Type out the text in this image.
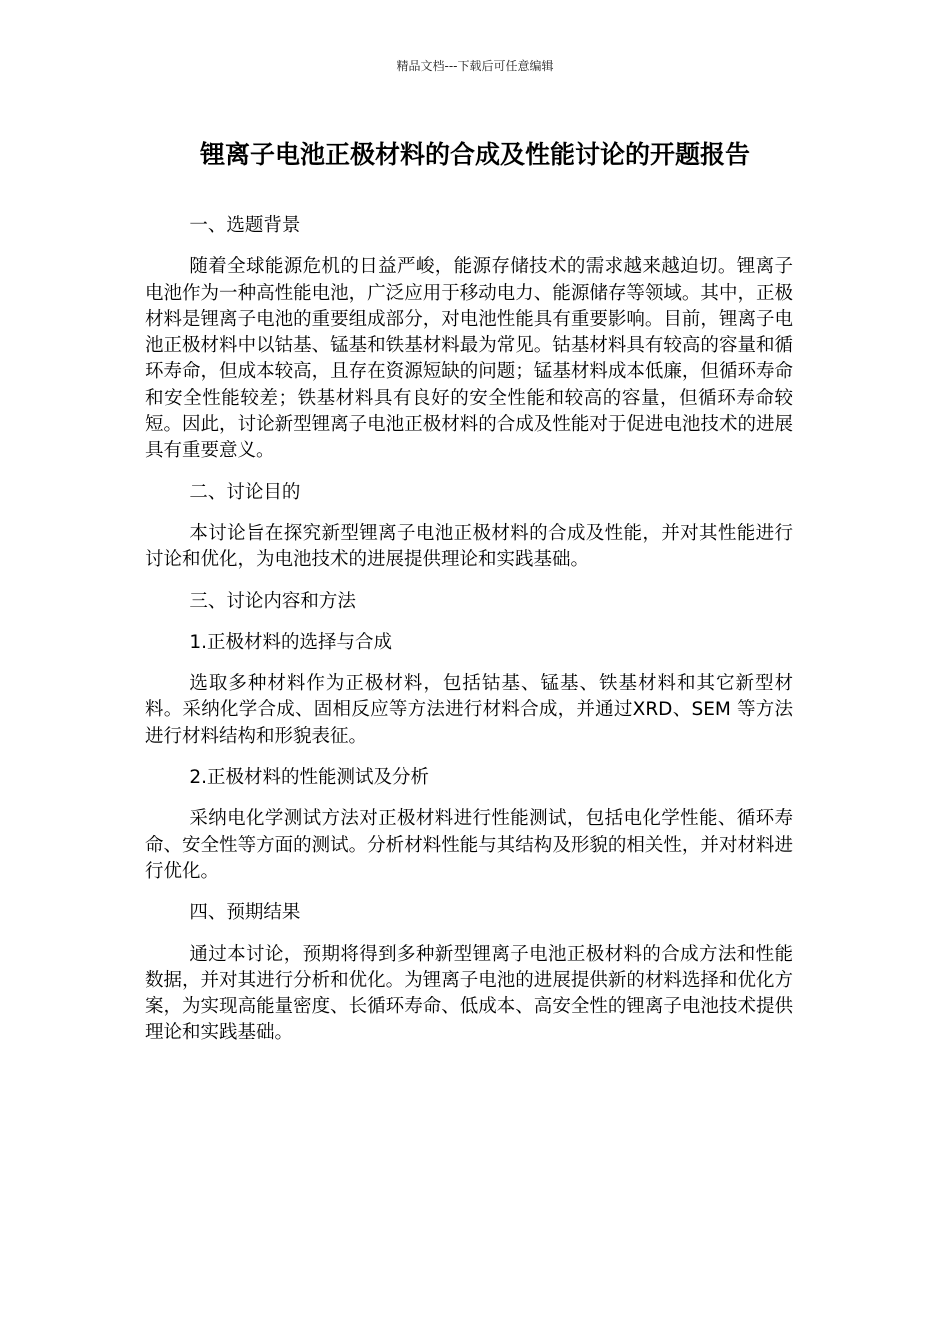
精品文档---下载后可任意编辑
锂离子电池正极材料的合成及性能讨论的开题报告

一、选题背景

随着全球能源危机的日益严峻，能源存储技术的需求越来越迫切。锂离子电池作为一种高性能电池，广泛应用于移动电力、能源储存等领域。其中，正极材料是锂离子电池的重要组成部分，对电池性能具有重要影响。目前，锂离子电池正极材料中以钴基、锰基和铁基材料最为常见。钴基材料具有较高的容量和循环寿命，但成本较高，且存在资源短缺的问题；锰基材料成本低廉，但循环寿命和安全性能较差；铁基材料具有良好的安全性能和较高的容量，但循环寿命较短。因此，讨论新型锂离子电池正极材料的合成及性能对于促进电池技术的进展具有重要意义。

二、讨论目的

本讨论旨在探究新型锂离子电池正极材料的合成及性能，并对其性能进行讨论和优化，为电池技术的进展提供理论和实践基础。

三、讨论内容和方法

1.正极材料的选择与合成

选取多种材料作为正极材料，包括钴基、锰基、铁基材料和其它新型材料。采纳化学合成、固相反应等方法进行材料合成，并通过XRD、SEM 等方法进行材料结构和形貌表征。

2.正极材料的性能测试及分析

采纳电化学测试方法对正极材料进行性能测试，包括电化学性能、循环寿命、安全性等方面的测试。分析材料性能与其结构及形貌的相关性，并对材料进行优化。

四、预期结果

通过本讨论，预期将得到多种新型锂离子电池正极材料的合成方法和性能数据，并对其进行分析和优化。为锂离子电池的进展提供新的材料选择和优化方案，为实现高能量密度、长循环寿命、低成本、高安全性的锂离子电池技术提供理论和实践基础。
